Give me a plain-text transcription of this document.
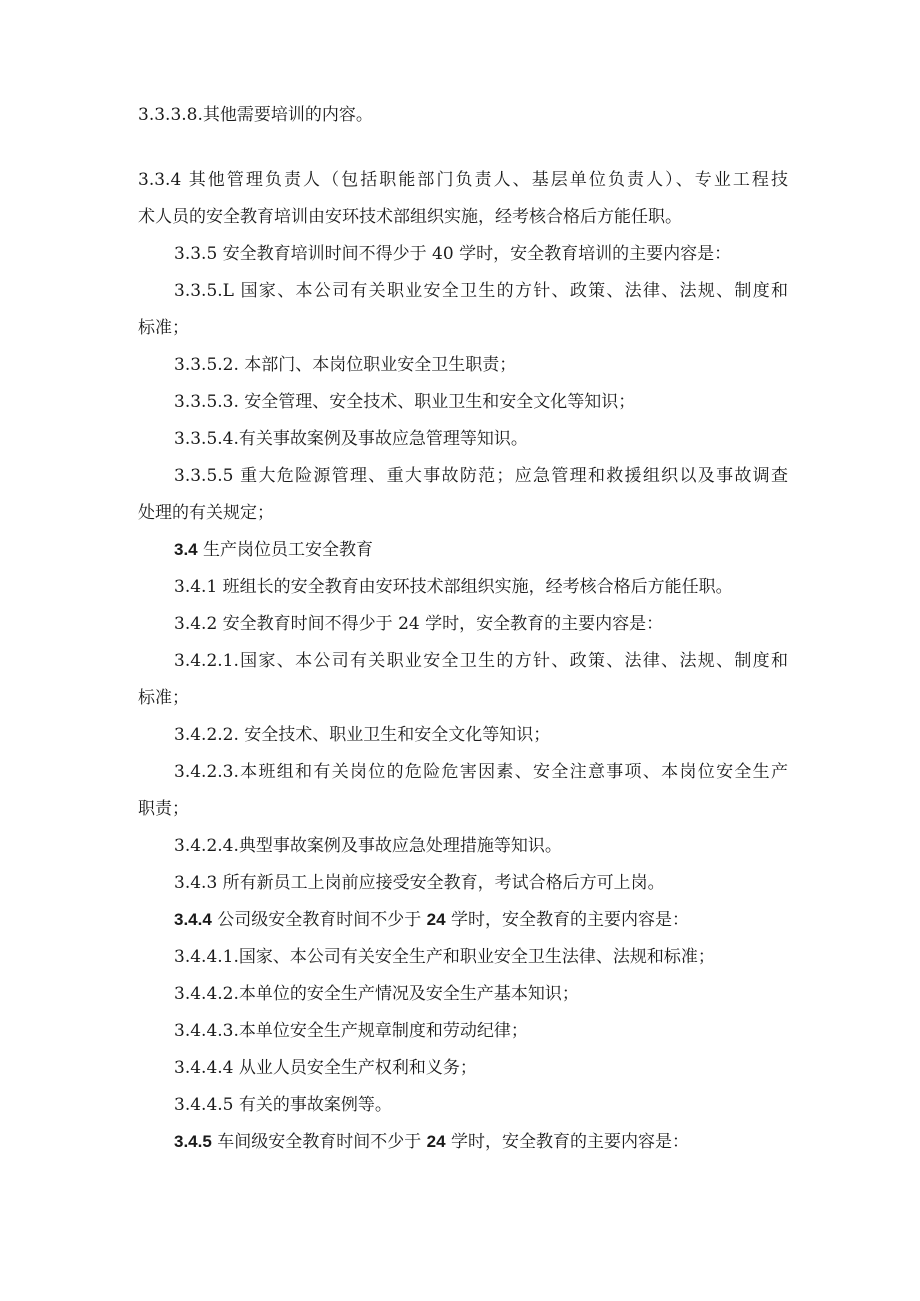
3.3.3.8.其他需要培训的内容。
3.3.4 其他管理负责人（包括职能部门负责人、基层单位负责人）、专业工程技
术人员的安全教育培训由安环技术部组织实施，经考核合格后方能任职。
3.3.5 安全教育培训时间不得少于 40 学时，安全教育培训的主要内容是：
3.3.5.L 国家、本公司有关职业安全卫生的方针、政策、法律、法规、制度和
标准；
3.3.5.2. 本部门、本岗位职业安全卫生职责；
3.3.5.3. 安全管理、安全技术、职业卫生和安全文化等知识；
3.3.5.4.有关事故案例及事故应急管理等知识。
3.3.5.5 重大危险源管理、重大事故防范；应急管理和救援组织以及事故调查
处理的有关规定；
3.4 生产岗位员工安全教育
3.4.1 班组长的安全教育由安环技术部组织实施，经考核合格后方能任职。
3.4.2 安全教育时间不得少于 24 学时，安全教育的主要内容是：
3.4.2.1.国家、本公司有关职业安全卫生的方针、政策、法律、法规、制度和
标准；
3.4.2.2. 安全技术、职业卫生和安全文化等知识；
3.4.2.3.本班组和有关岗位的危险危害因素、安全注意事项、本岗位安全生产
职责；
3.4.2.4.典型事故案例及事故应急处理措施等知识。
3.4.3 所有新员工上岗前应接受安全教育，考试合格后方可上岗。
3.4.4 公司级安全教育时间不少于 24 学时，安全教育的主要内容是：
3.4.4.1.国家、本公司有关安全生产和职业安全卫生法律、法规和标准；
3.4.4.2.本单位的安全生产情况及安全生产基本知识；
3.4.4.3.本单位安全生产规章制度和劳动纪律；
3.4.4.4 从业人员安全生产权利和义务；
3.4.4.5 有关的事故案例等。
3.4.5 车间级安全教育时间不少于 24 学时，安全教育的主要内容是：
